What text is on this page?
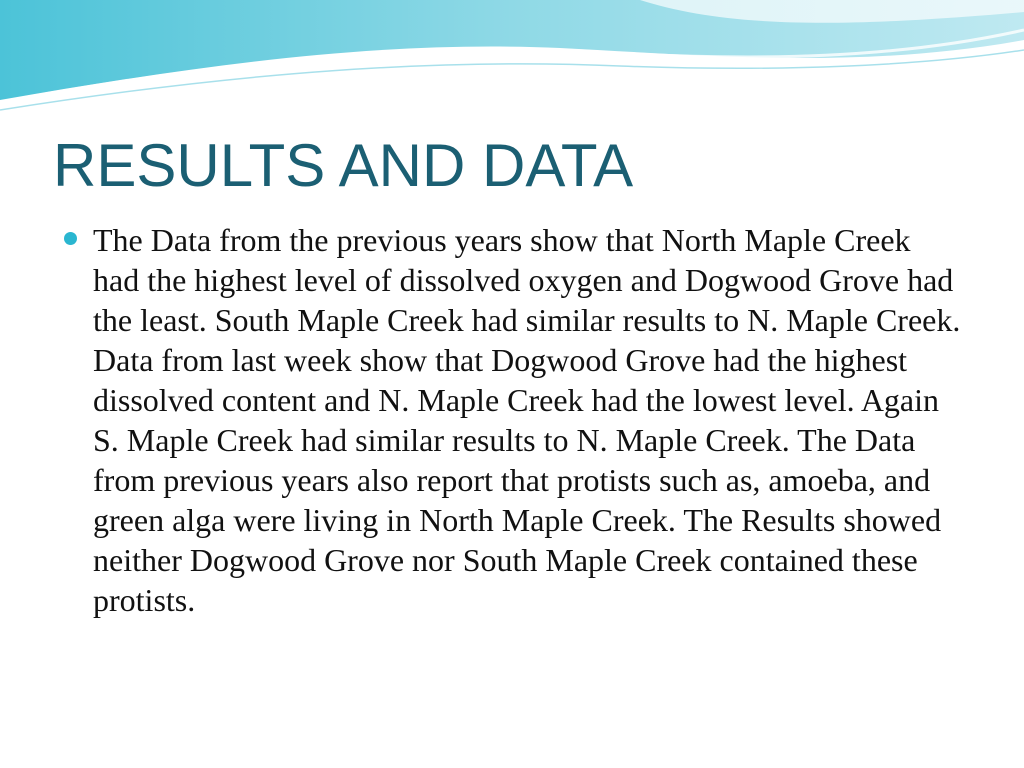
RESULTS AND DATA

The Data from the previous years show that North Maple Creek had the highest level of dissolved oxygen and Dogwood Grove had the least. South Maple Creek had similar results to N. Maple Creek. Data from last week show that Dogwood Grove had the highest dissolved content and N. Maple Creek had the lowest level. Again S. Maple Creek had similar results to N. Maple Creek. The Data from previous years also report that protists such as, amoeba, and green alga were living in North Maple Creek. The Results showed neither Dogwood Grove nor South Maple Creek contained these protists.
